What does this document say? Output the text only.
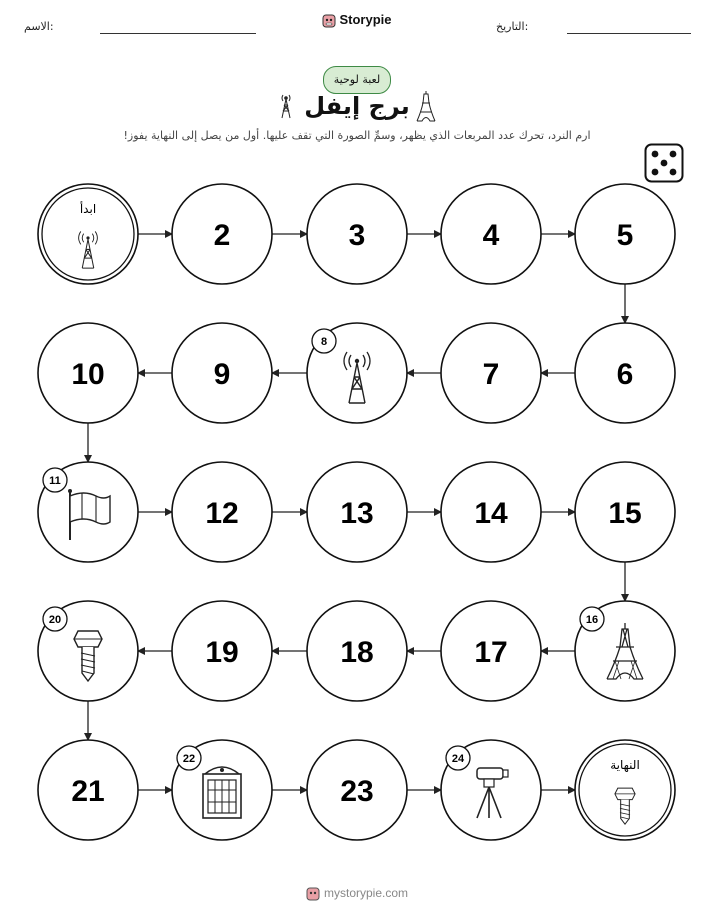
الاسم:	Storypie	التاريخ:
لعبة لوحية
برج إيفل
ارم النرد، تحرك عدد المربعات الذي يظهر، وسمِّ الصورة التي تقف عليها. أول من يصل إلى النهاية يفوز!
ابدأ
2	3	4	5
6
7
8
9
10
11
12	13	14	15
16
17
18
19
20
21
22
23
24	النهاية
mystorypie.com
